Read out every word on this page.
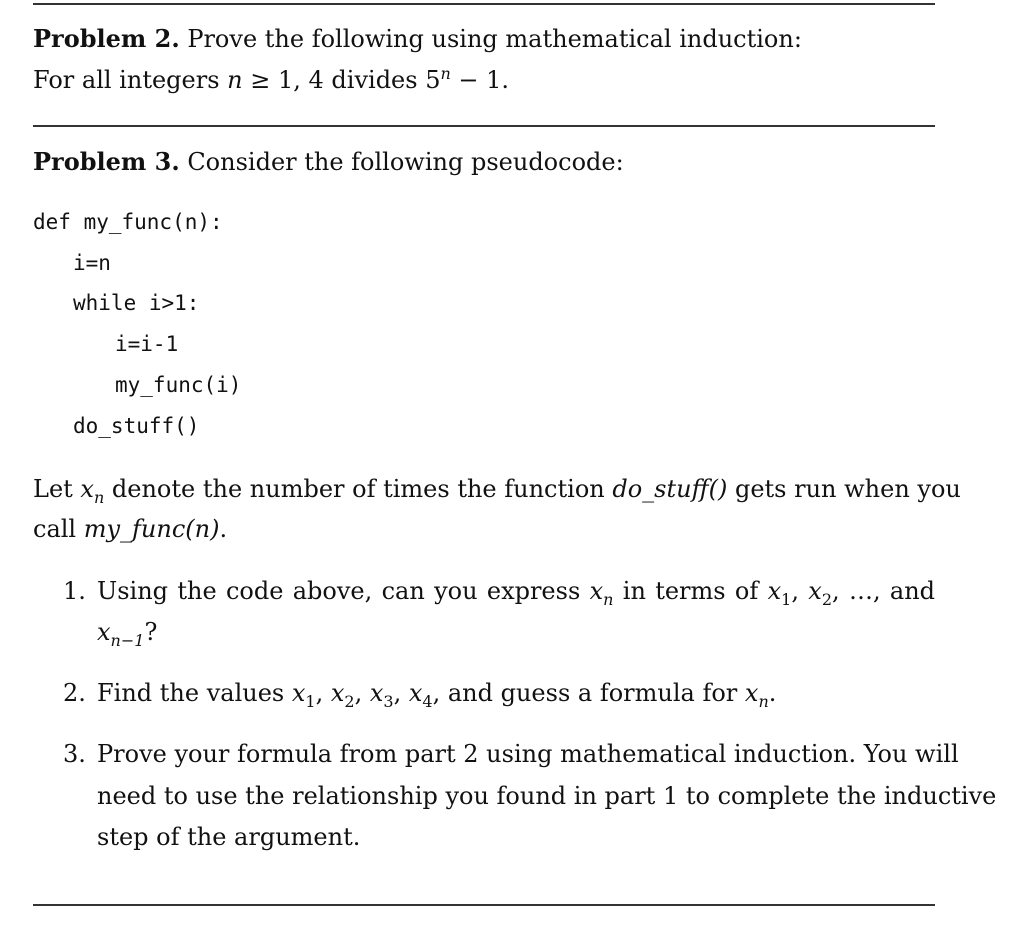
Problem 2. Prove the following using mathematical induction:
For all integers n ≥ 1, 4 divides $5^n - 1$.
Problem 3. Consider the following pseudocode:
def my_func(n):
i=n
while i>1:
i=i-1
my_func(i)
do_stuff()
Let $x_n$ denote the number of times the function do_stuff() gets run when you
call my_func(n).
1. Using the code above, can you express $x_n$ in terms of $x_1$, $x_2$, …, and
$x_{n-1}$?
2. Find the values $x_1$, $x_2$, $x_3$, $x_4$, and guess a formula for $x_n$.
3. Prove your formula from part 2 using mathematical induction. You will
need to use the relationship you found in part 1 to complete the inductive
step of the argument.
